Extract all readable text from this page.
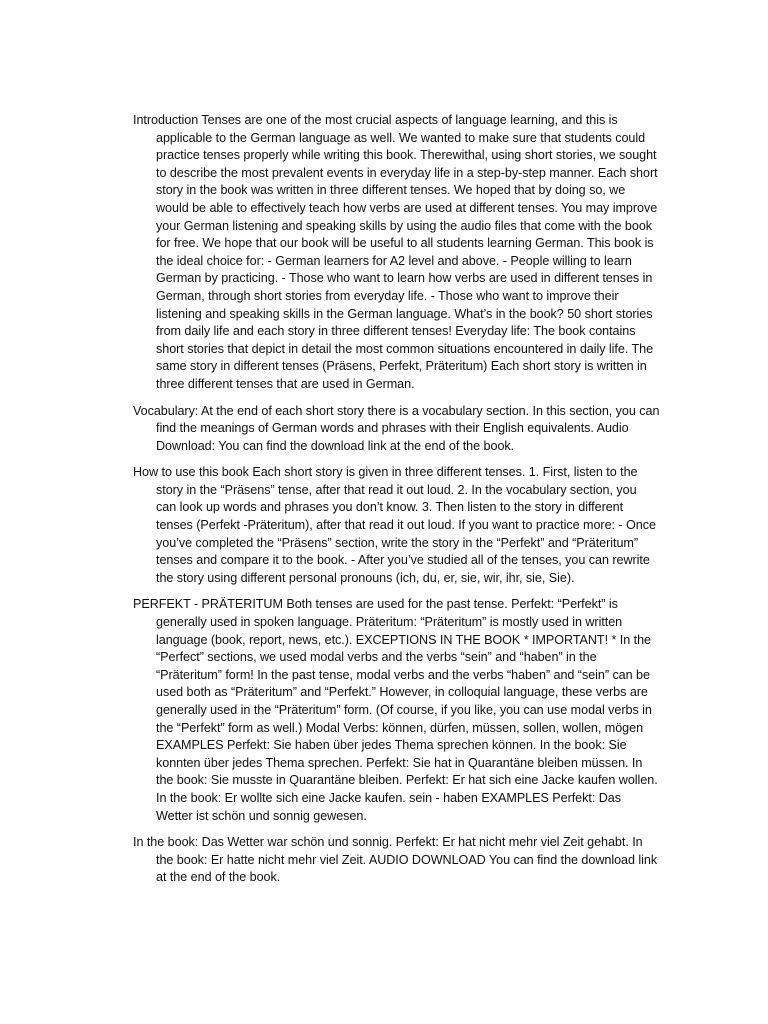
Introduction Tenses are one of the most crucial aspects of language learning, and this is applicable to the German language as well. We wanted to make sure that students could practice tenses properly while writing this book. Therewithal, using short stories, we sought to describe the most prevalent events in everyday life in a step-by-step manner. Each short story in the book was written in three different tenses. We hoped that by doing so, we would be able to effectively teach how verbs are used at different tenses. You may improve your German listening and speaking skills by using the audio files that come with the book for free. We hope that our book will be useful to all students learning German. This book is the ideal choice for: - German learners for A2 level and above. - People willing to learn German by practicing. - Those who want to learn how verbs are used in different tenses in German, through short stories from everyday life. - Those who want to improve their listening and speaking skills in the German language. What’s in the book? 50 short stories from daily life and each story in three different tenses! Everyday life: The book contains short stories that depict in detail the most common situations encountered in daily life. The same story in different tenses (Präsens, Perfekt, Präteritum) Each short story is written in three different tenses that are used in German.

Vocabulary: At the end of each short story there is a vocabulary section. In this section, you can find the meanings of German words and phrases with their English equivalents. Audio Download: You can find the download link at the end of the book.

How to use this book Each short story is given in three different tenses. 1. First, listen to the story in the “Präsens” tense, after that read it out loud. 2. In the vocabulary section, you can look up words and phrases you don’t know. 3. Then listen to the story in different tenses (Perfekt -Präteritum), after that read it out loud. If you want to practice more: - Once you’ve completed the “Präsens” section, write the story in the “Perfekt” and “Präteritum” tenses and compare it to the book. - After you’ve studied all of the tenses, you can rewrite the story using different personal pronouns (ich, du, er, sie, wir, ihr, sie, Sie).

PERFEKT - PRÄTERITUM Both tenses are used for the past tense. Perfekt: “Perfekt” is generally used in spoken language. Präteritum: “Präteritum” is mostly used in written language (book, report, news, etc.). EXCEPTIONS IN THE BOOK * IMPORTANT! * In the “Perfect” sections, we used modal verbs and the verbs “sein” and “haben” in the “Präteritum” form! In the past tense, modal verbs and the verbs “haben” and “sein” can be used both as “Präteritum” and “Perfekt.” However, in colloquial language, these verbs are generally used in the “Präteritum” form. (Of course, if you like, you can use modal verbs in the “Perfekt” form as well.) Modal Verbs: können, dürfen, müssen, sollen, wollen, mögen EXAMPLES Perfekt: Sie haben über jedes Thema sprechen können. In the book: Sie konnten über jedes Thema sprechen. Perfekt: Sie hat in Quarantäne bleiben müssen. In the book: Sie musste in Quarantäne bleiben. Perfekt: Er hat sich eine Jacke kaufen wollen. In the book: Er wollte sich eine Jacke kaufen. sein - haben EXAMPLES Perfekt: Das Wetter ist schön und sonnig gewesen.

In the book: Das Wetter war schön und sonnig. Perfekt: Er hat nicht mehr viel Zeit gehabt. In the book: Er hatte nicht mehr viel Zeit. AUDIO DOWNLOAD You can find the download link at the end of the book.
